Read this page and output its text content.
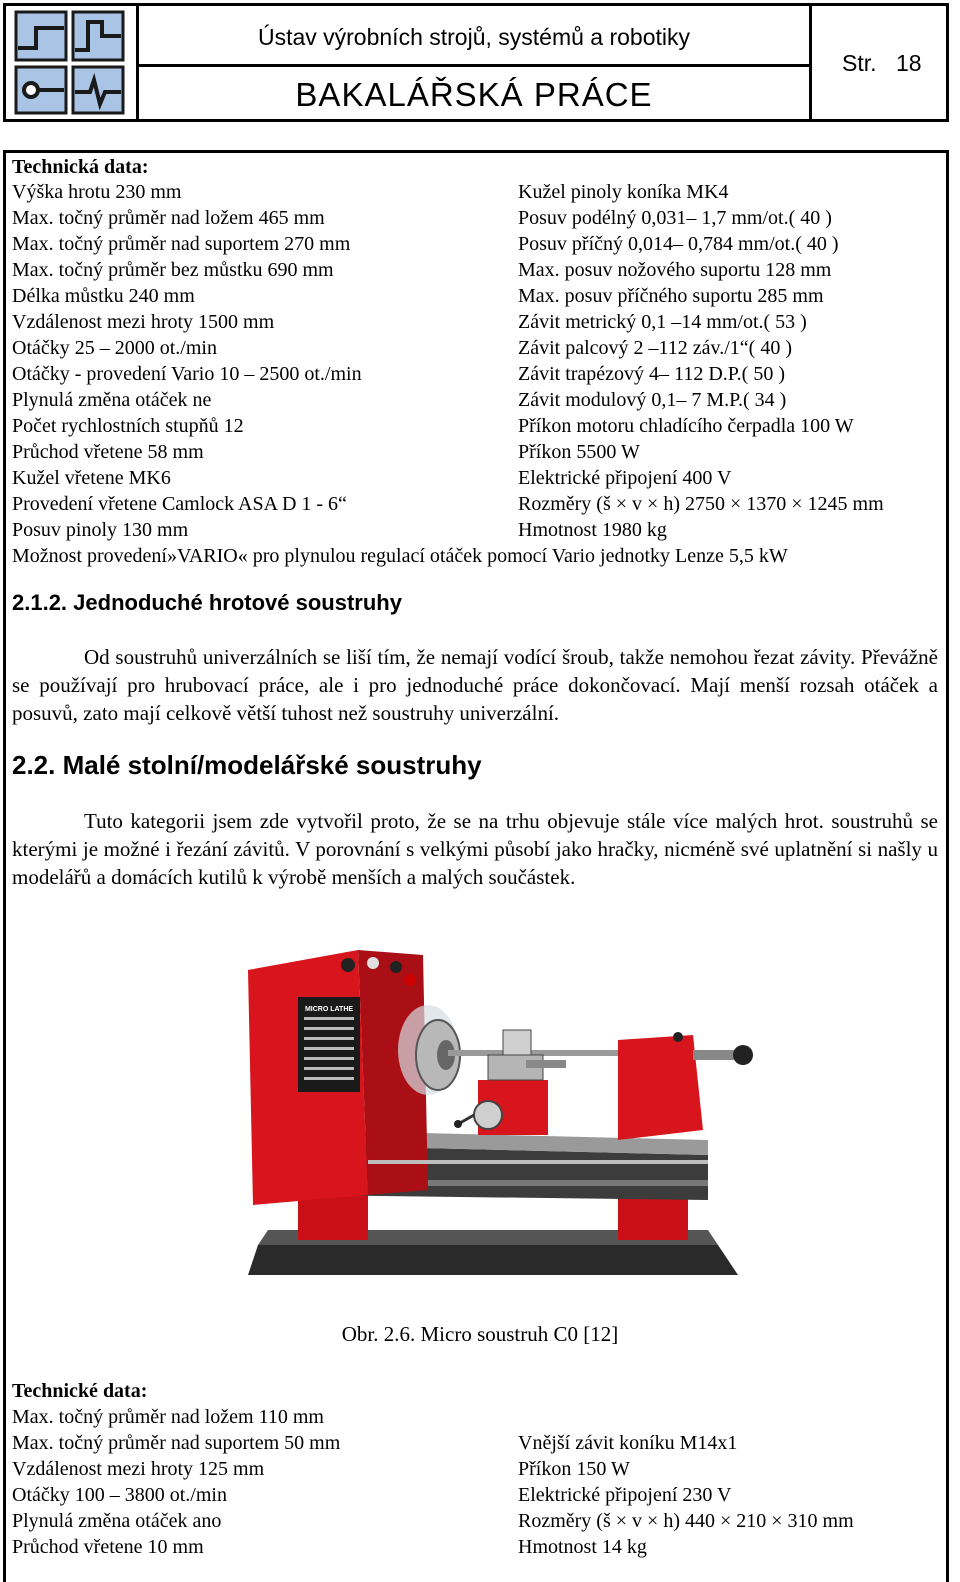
Ústav výrobních strojů, systémů a robotiky
BAKALÁŘSKÁ PRÁCE
Str. 18
Technická data:
Výška hrotu 230 mm
Max. točný průměr nad ložem 465 mm
Max. točný průměr nad suportem 270 mm
Max. točný průměr bez můstku 690 mm
Délka můstku 240 mm
Vzdálenost mezi hroty 1500 mm
Otáčky 25 – 2000 ot./min
Otáčky - provedení Vario 10 – 2500 ot./min
Plynulá změna otáček ne
Počet rychlostních stupňů 12
Průchod vřetene 58 mm
Kužel vřetene MK6
Provedení vřetene Camlock ASA D 1 - 6“
Posuv pinoly 130 mm
Kužel pinoly koníka MK4
Posuv podélný 0,031– 1,7 mm/ot.( 40 )
Posuv příčný 0,014– 0,784 mm/ot.( 40 )
Max. posuv nožového suportu 128 mm
Max. posuv příčného suportu 285 mm
Závit metrický 0,1 –14 mm/ot.( 53 )
Závit palcový 2 –112 záv./1“( 40 )
Závit trapézový 4– 112 D.P.( 50 )
Závit modulový 0,1– 7 M.P.( 34 )
Příkon motoru chladícího čerpadla 100 W
Příkon 5500 W
Elektrické připojení 400 V
Rozměry (š × v × h) 2750 × 1370 × 1245 mm
Hmotnost 1980 kg
Možnost provedení»VARIO« pro plynulou regulací otáček pomocí Vario jednotky Lenze 5,5 kW
2.1.2. Jednoduché hrotové soustruhy
Od soustruhů univerzálních se liší tím, že nemají vodící šroub, takže nemohou řezat závity. Převážně se používají pro hrubovací práce, ale i pro jednoduché práce dokončovací. Mají menší rozsah otáček a posuvů, zato mají celkově větší tuhost než soustruhy univerzální.
2.2. Malé stolní/modelářské soustruhy
Tuto kategorii jsem zde vytvořil proto, že se na trhu objevuje stále více malých hrot. soustruhů se kterými je možné i řezání závitů. V porovnání s velkými působí jako hračky, nicméně své uplatnění si našly u modelářů a domácích kutilů k výrobě menších a malých součástek.
MICRO LATHE
Obr. 2.6. Micro soustruh C0 [12]
Technické data:
Max. točný průměr nad ložem 110 mm
Max. točný průměr nad suportem 50 mm
Vzdálenost mezi hroty 125 mm
Otáčky 100 – 3800 ot./min
Plynulá změna otáček ano
Průchod vřetene 10 mm
Vnější závit koníku M14x1
Příkon 150 W
Elektrické připojení 230 V
Rozměry (š × v × h) 440 × 210 × 310 mm
Hmotnost 14 kg
